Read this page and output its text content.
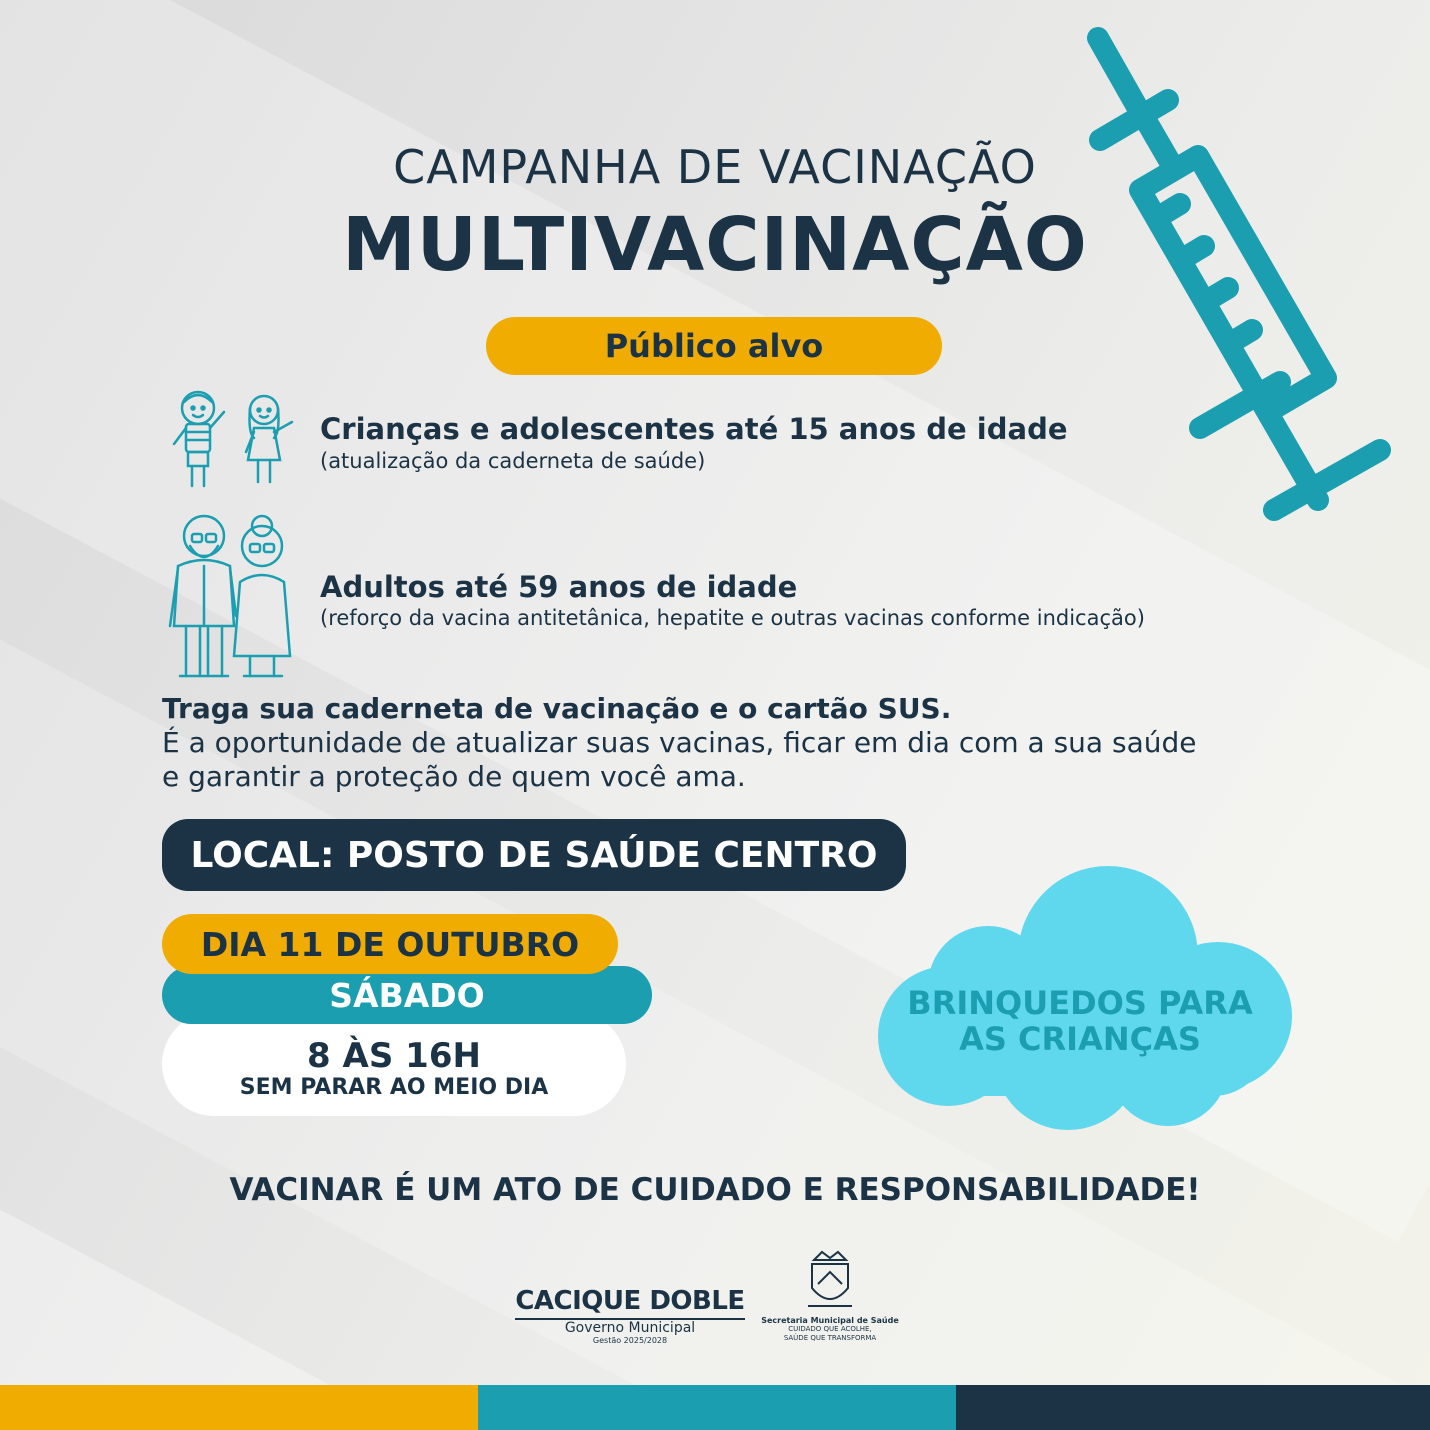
CAMPANHA DE VACINAÇÃO
MULTIVACINAÇÃO
Público alvo
Crianças e adolescentes até 15 anos de idade
(atualização da caderneta de saúde)
Adultos até 59 anos de idade
(reforço da vacina antitetânica, hepatite e outras vacinas conforme indicação)
Traga sua caderneta de vacinação e o cartão SUS.
É a oportunidade de atualizar suas vacinas, ficar em dia com a sua saúde
e garantir a proteção de quem você ama.
LOCAL: POSTO DE SAÚDE CENTRO
DIA 11 DE OUTUBRO
SÁBADO
8 ÀS 16H
SEM PARAR AO MEIO DIA
BRINQUEDOS PARA
AS CRIANÇAS
VACINAR É UM ATO DE CUIDADO E RESPONSABILIDADE!
CACIQUE DOBLE
Governo Municipal
Gestão 2025/2028
Secretaria Municipal de Saúde
CUIDADO QUE ACOLHE,
SAÚDE QUE TRANSFORMA
